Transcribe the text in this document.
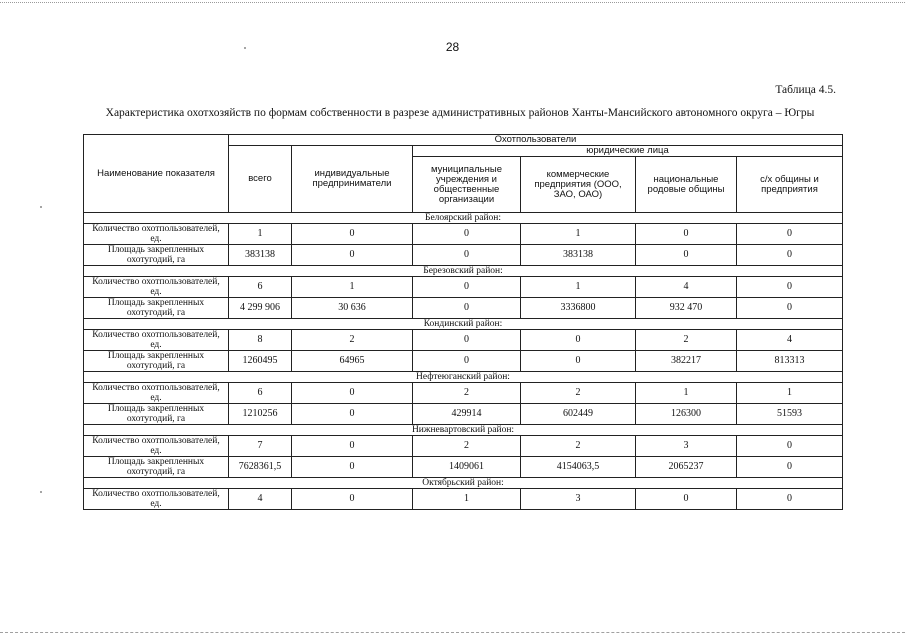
28
Таблица 4.5.
Характеристика охотхозяйств по формам собственности в разрезе административных районов Ханты-Мансийского автономного округа – Югры
Наименование показателя	Охотпользователи					
	всего	индивидуальные предприниматели	юридические лица			
			муниципальные учреждения и общественные организации	коммерческие предприятия (ООО, ЗАО, ОАО)	национальные родовые общины	с/х общины и предприятия
Белоярский район:						
Количество охотпользователей, ед.	1	0	0	1	0	0
Площадь закрепленных охотугодий, га	383138	0	0	383138	0	0
Березовский район:						
Количество охотпользователей, ед.	6	1	0	1	4	0
Площадь закрепленных охотугодий, га	4 299 906	30 636	0	3336800	932 470	0
Кондинский район:						
Количество охотпользователей, ед.	8	2	0	0	2	4
Площадь закрепленных охотугодий, га	1260495	64965	0	0	382217	813313
Нефтеюганский район:						
Количество охотпользователей, ед.	6	0	2	2	1	1
Площадь закрепленных охотугодий, га	1210256	0	429914	602449	126300	51593
Нижневартовский район:						
Количество охотпользователей, ед.	7	0	2	2	3	0
Площадь закрепленных охотугодий, га	7628361,5	0	1409061	4154063,5	2065237	0
Октябрьский район:						
Количество охотпользователей, ед.	4	0	1	3	0	0
